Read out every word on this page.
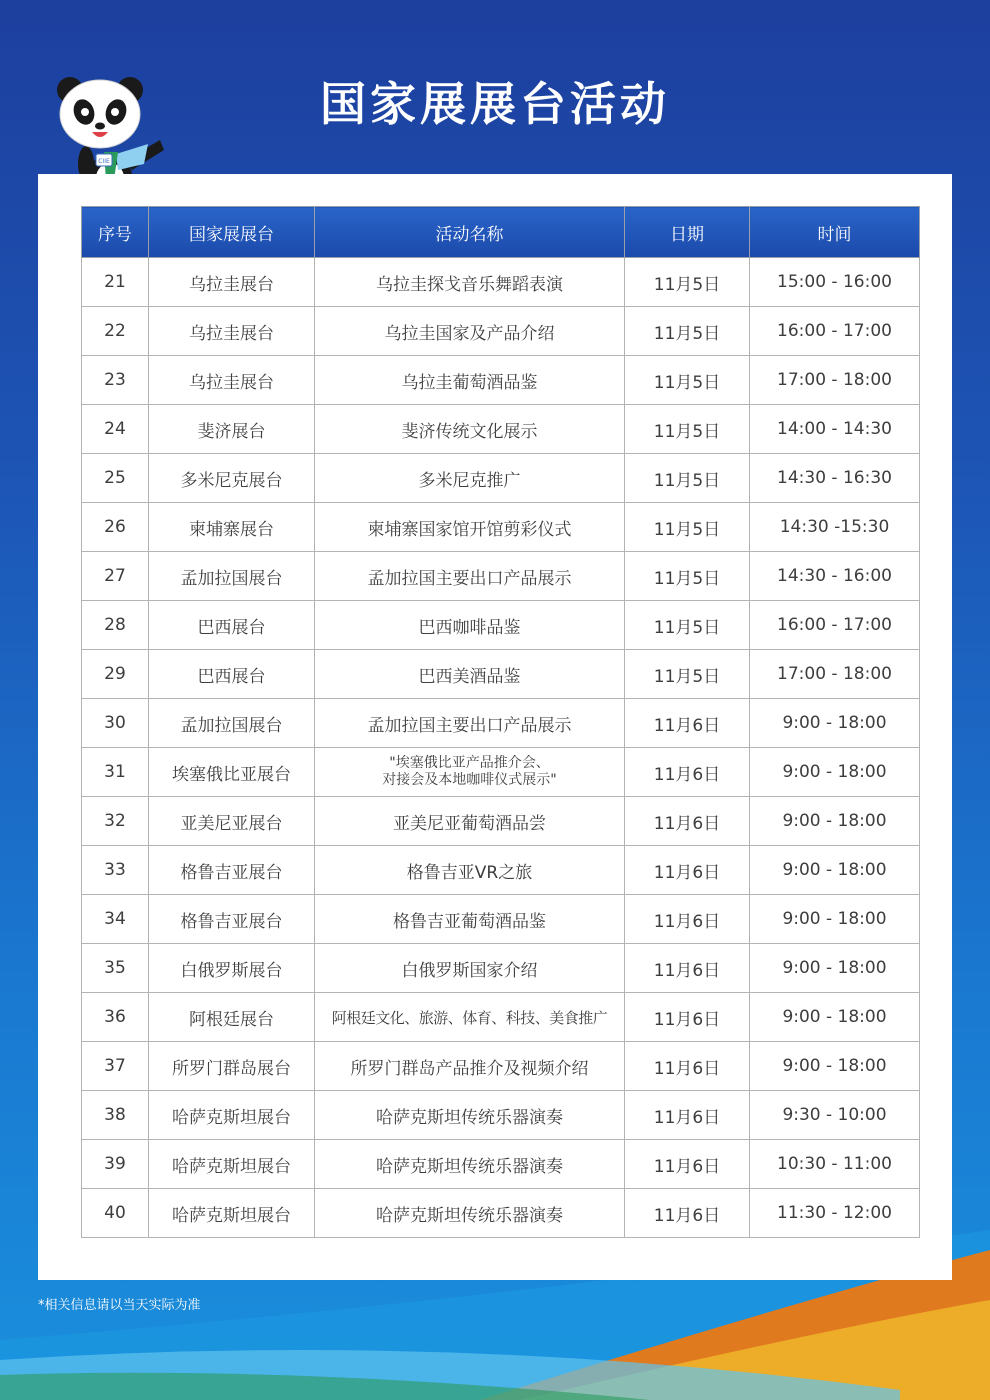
国家展展台活动
CIIE
序号	国家展展台	活动名称	日期	时间
21	乌拉圭展台	乌拉圭探戈音乐舞蹈表演	11月5日	15:00 - 16:00
22	乌拉圭展台	乌拉圭国家及产品介绍	11月5日	16:00 - 17:00
23	乌拉圭展台	乌拉圭葡萄酒品鉴	11月5日	17:00 - 18:00
24	斐济展台	斐济传统文化展示	11月5日	14:00 - 14:30
25	多米尼克展台	多米尼克推广	11月5日	14:30 - 16:30
26	柬埔寨展台	柬埔寨国家馆开馆剪彩仪式	11月5日	14:30 -15:30
27	孟加拉国展台	孟加拉国主要出口产品展示	11月5日	14:30 - 16:00
28	巴西展台	巴西咖啡品鉴	11月5日	16:00 - 17:00
29	巴西展台	巴西美酒品鉴	11月5日	17:00 - 18:00
30	孟加拉国展台	孟加拉国主要出口产品展示	11月6日	9:00 - 18:00
31	埃塞俄比亚展台	"埃塞俄比亚产品推介会、
对接会及本地咖啡仪式展示"	11月6日	9:00 - 18:00
32	亚美尼亚展台	亚美尼亚葡萄酒品尝	11月6日	9:00 - 18:00
33	格鲁吉亚展台	格鲁吉亚VR之旅	11月6日	9:00 - 18:00
34	格鲁吉亚展台	格鲁吉亚葡萄酒品鉴	11月6日	9:00 - 18:00
35	白俄罗斯展台	白俄罗斯国家介绍	11月6日	9:00 - 18:00
36	阿根廷展台	阿根廷文化、旅游、体育、科技、美食推广	11月6日	9:00 - 18:00
37	所罗门群岛展台	所罗门群岛产品推介及视频介绍	11月6日	9:00 - 18:00
38	哈萨克斯坦展台	哈萨克斯坦传统乐器演奏	11月6日	9:30 - 10:00
39	哈萨克斯坦展台	哈萨克斯坦传统乐器演奏	11月6日	10:30 - 11:00
40	哈萨克斯坦展台	哈萨克斯坦传统乐器演奏	11月6日	11:30 - 12:00
*相关信息请以当天实际为准
